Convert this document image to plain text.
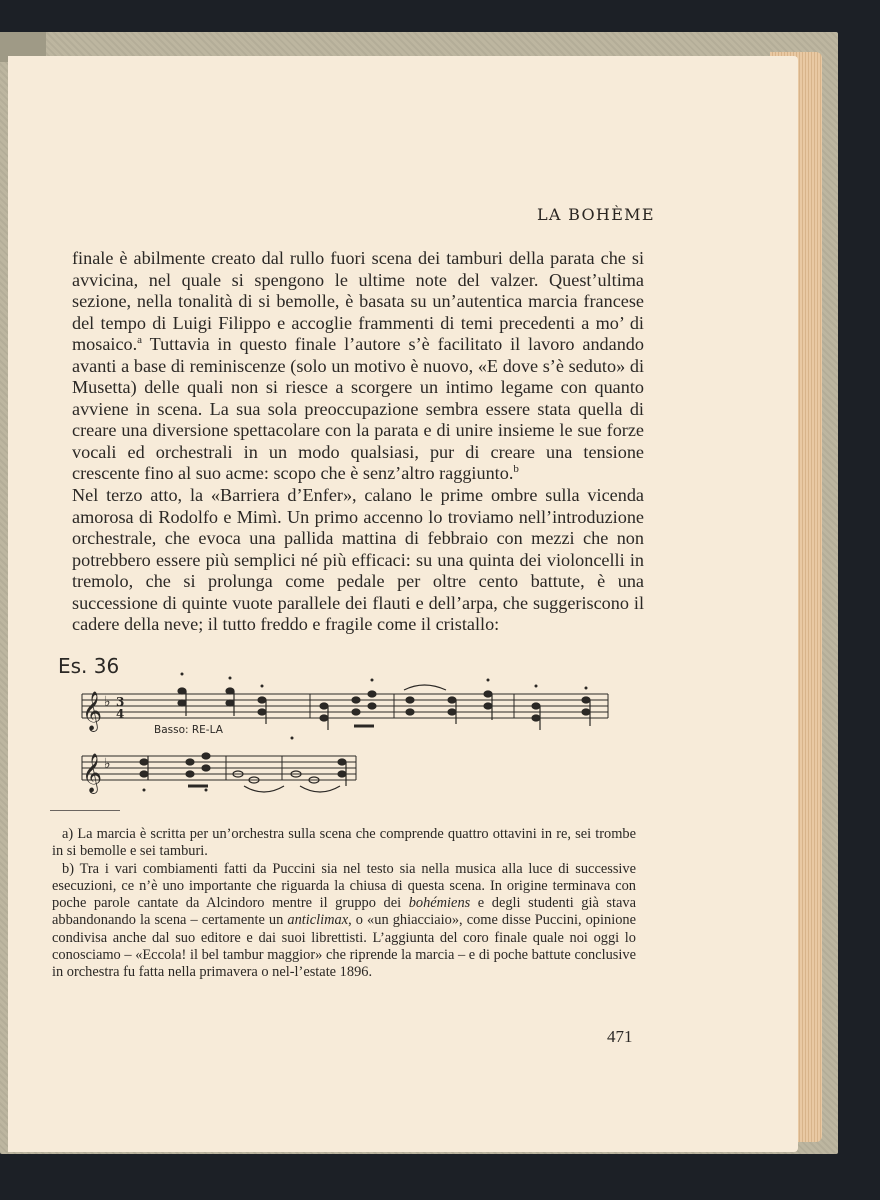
LA BOHÈME

finale è abilmente creato dal rullo fuori scena dei tamburi della parata che si avvicina, nel quale si spengono le ultime note del valzer. Quest’ultima sezione, nella tonalità di si bemolle, è basata su un’autentica marcia francese del tempo di Luigi Filippo e accoglie frammenti di temi precedenti a mo’ di mosaico.$^a$ Tuttavia in questo finale l’autore s’è facilitato il lavoro andando avanti a base di reminiscenze (solo un motivo è nuovo, «E dove s’è seduto» di Musetta) delle quali non si riesce a scorgere un intimo legame con quanto avviene in scena. La sua sola preoccupazione sembra essere stata quella di creare una diversione spettacolare con la parata e di unire insieme le sue forze vocali ed orchestrali in un modo qualsiasi, pur di creare una tensione crescente fino al suo acme: scopo che è senz’altro raggiunto.$^b$

Nel terzo atto, la «Barriera d’Enfer», calano le prime ombre sulla vicenda amorosa di Rodolfo e Mimì. Un primo accenno lo troviamo nell’introduzione orchestrale, che evoca una pallida mattina di febbraio con mezzi che non potrebbero essere più semplici né più efficaci: su una quinta dei violoncelli in tremolo, che si prolunga come pedale per oltre cento battute, è una successione di quinte vuote parallele dei flauti e dell’arpa, che suggeriscono il cadere della neve; il tutto freddo e fragile come il cristallo:

Es. 36
𝄞
𝄞
♭
♭
3
4
Basso: RE-LA

a) La marcia è scritta per un’orchestra sulla scena che comprende quattro ottavini in re, sei trombe in si bemolle e sei tamburi.

b) Tra i vari combiamenti fatti da Puccini sia nel testo sia nella musica alla luce di successive esecuzioni, ce n’è uno importante che riguarda la chiusa di questa scena. In origine terminava con poche parole cantate da Alcindoro mentre il gruppo dei bohémiens e degli studenti già stava abbandonando la scena – certamente un anticlimax, o «un ghiacciaio», come disse Puccini, opinione condivisa anche dal suo editore e dai suoi librettisti. L’aggiunta del coro finale quale noi oggi lo conosciamo – «Eccola! il bel tambur maggior» che riprende la marcia – e di poche battute conclusive in orchestra fu fatta nella primavera o nel-l’estate 1896.

471
